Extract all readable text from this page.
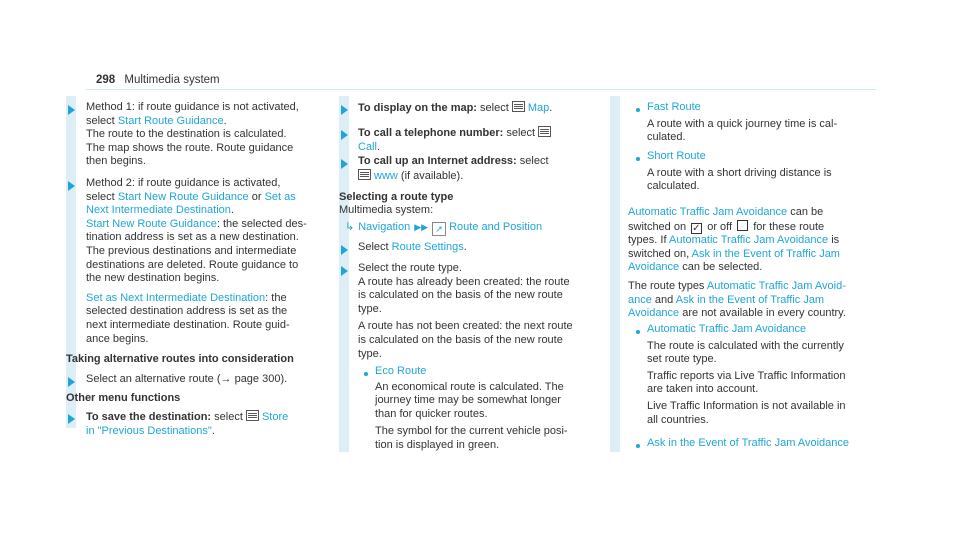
298 Multimedia system
Method 1: if route guidance is not activated,
select Start Route Guidance.
The route to the destination is calculated.
The map shows the route. Route guidance
then begins.
Method 2: if route guidance is activated,
select Start New Route Guidance or Set as
Next Intermediate Destination.
Start New Route Guidance: the selected des-
tination address is set as a new destination.
The previous destinations and intermediate
destinations are deleted. Route guidance to
the new destination begins.
Set as Next Intermediate Destination: the
selected destination address is set as the
next intermediate destination. Route guid-
ance begins.
Taking alternative routes into consideration
Select an alternative route (→ page 300).
Other menu functions
To save the destination: select Store
in "Previous Destinations".
To display on the map: select Map.
To call a telephone number: select
Call.
To call up an Internet address: select
www (if available).
Selecting a route type
Multimedia system:
↳ Navigation ▶▶ ↗ Route and Position
Select Route Settings.
Select the route type.
A route has already been created: the route
is calculated on the basis of the new route
type.
A route has not been created: the next route
is calculated on the basis of the new route
type.
Eco Route
An economical route is calculated. The
journey time may be somewhat longer
than for quicker routes.
The symbol for the current vehicle posi-
tion is displayed in green.
Fast Route
A route with a quick journey time is cal-
culated.
Short Route
A route with a short driving distance is
calculated.
Automatic Traffic Jam Avoidance can be
switched on ✓ or off for these route
types. If Automatic Traffic Jam Avoidance is
switched on, Ask in the Event of Traffic Jam
Avoidance can be selected.
The route types Automatic Traffic Jam Avoid-
ance and Ask in the Event of Traffic Jam
Avoidance are not available in every country.
Automatic Traffic Jam Avoidance
The route is calculated with the currently
set route type.
Traffic reports via Live Traffic Information
are taken into account.
Live Traffic Information is not available in
all countries.
Ask in the Event of Traffic Jam Avoidance
